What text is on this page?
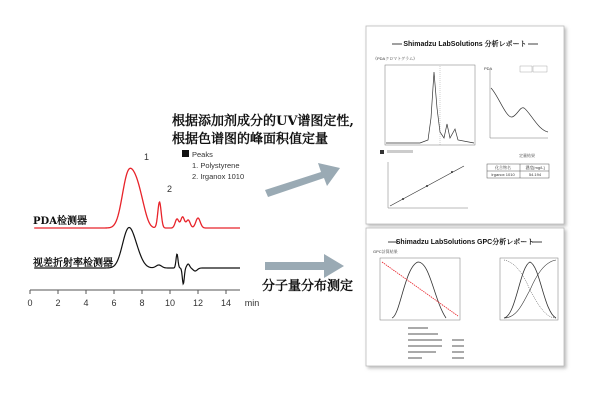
Peaks
1. Polystyrene
2. Irganox 1010
1
2
PDA检测器
视差折射率检测器
0	2	4	6	8 10 12 14 min
根据添加剂成分的UV谱图定性,
根据色谱图的峰面积值定量
分子量分布测定
Shimadzu LabSolutions 分析レポート
《PDAクロマトグラム》
PDA
定量結果
化合物名	濃度[mg/L]
Irganox 1010	54.194
Shimadzu LabSolutions GPC分析レポート
GPC計算結果
